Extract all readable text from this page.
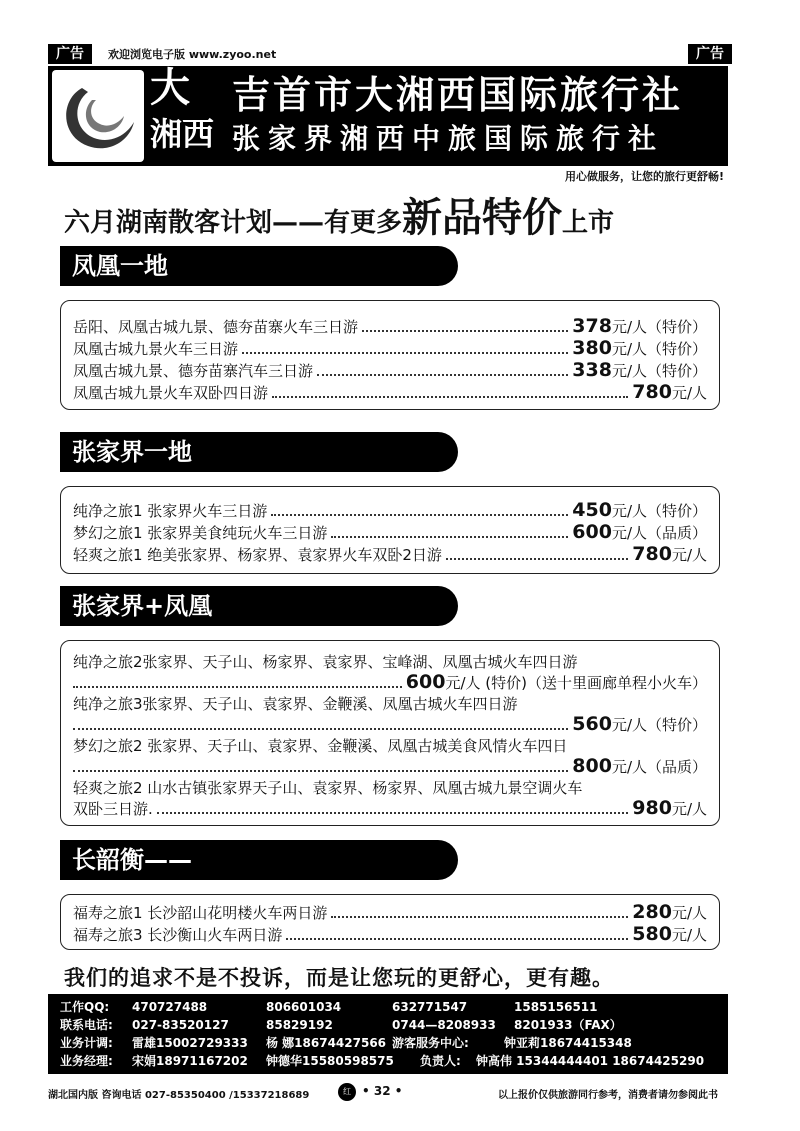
广告	欢迎浏览电子版 www.zyoo.net	广告
吉首市大湘西国际旅行社
张家界湘西中旅国际旅行社
大
湘西
用心做服务，让您的旅行更舒畅!
六月湖南散客计划——有更多新品特价上市
凤凰一地
岳阳、凤凰古城九景、德夯苗寨火车三日游	378元/人（特价）
凤凰古城九景火车三日游	380元/人（特价）
凤凰古城九景、德夯苗寨汽车三日游	338元/人（特价）
凤凰古城九景火车双卧四日游	780元/人
张家界一地
纯净之旅1 张家界火车三日游	450元/人（特价）
梦幻之旅1 张家界美食纯玩火车三日游	600元/人（品质）
轻爽之旅1 绝美张家界、杨家界、袁家界火车双卧2日游	780元/人
张家界+凤凰
纯净之旅2张家界、天子山、杨家界、袁家界、宝峰湖、凤凰古城火车四日游
600元/人 (特价)（送十里画廊单程小火车）
纯净之旅3张家界、天子山、袁家界、金鞭溪、凤凰古城火车四日游
560元/人（特价）
梦幻之旅2 张家界、天子山、袁家界、金鞭溪、凤凰古城美食风情火车四日
800元/人（品质）
轻爽之旅2 山水古镇张家界天子山、袁家界、杨家界、凤凰古城九景空调火车
双卧三日游.	980元/人
长韶衡——
福寿之旅1 长沙韶山花明楼火车两日游	280元/人
福寿之旅3 长沙衡山火车两日游	580元/人
我们的追求不是不投诉，而是让您玩的更舒心，更有趣。
工作QQ: 470727488	806601034	632771547	1585156511
联系电话: 027-83520127	85829192	0744—8208933 8201933（FAX）
业务计调: 雷雄15002729333 杨 娜18674427566 游客服务中心:	钟亚莉18674415348
业务经理: 宋娟18971167202 钟德华15580598575 负责人: 钟高伟 15344444401 18674425290
湖北国内版 咨询电话 027-85350400 /15337218689	红 • 32 •	以上报价仅供旅游同行参考，消费者请勿参阅此书
